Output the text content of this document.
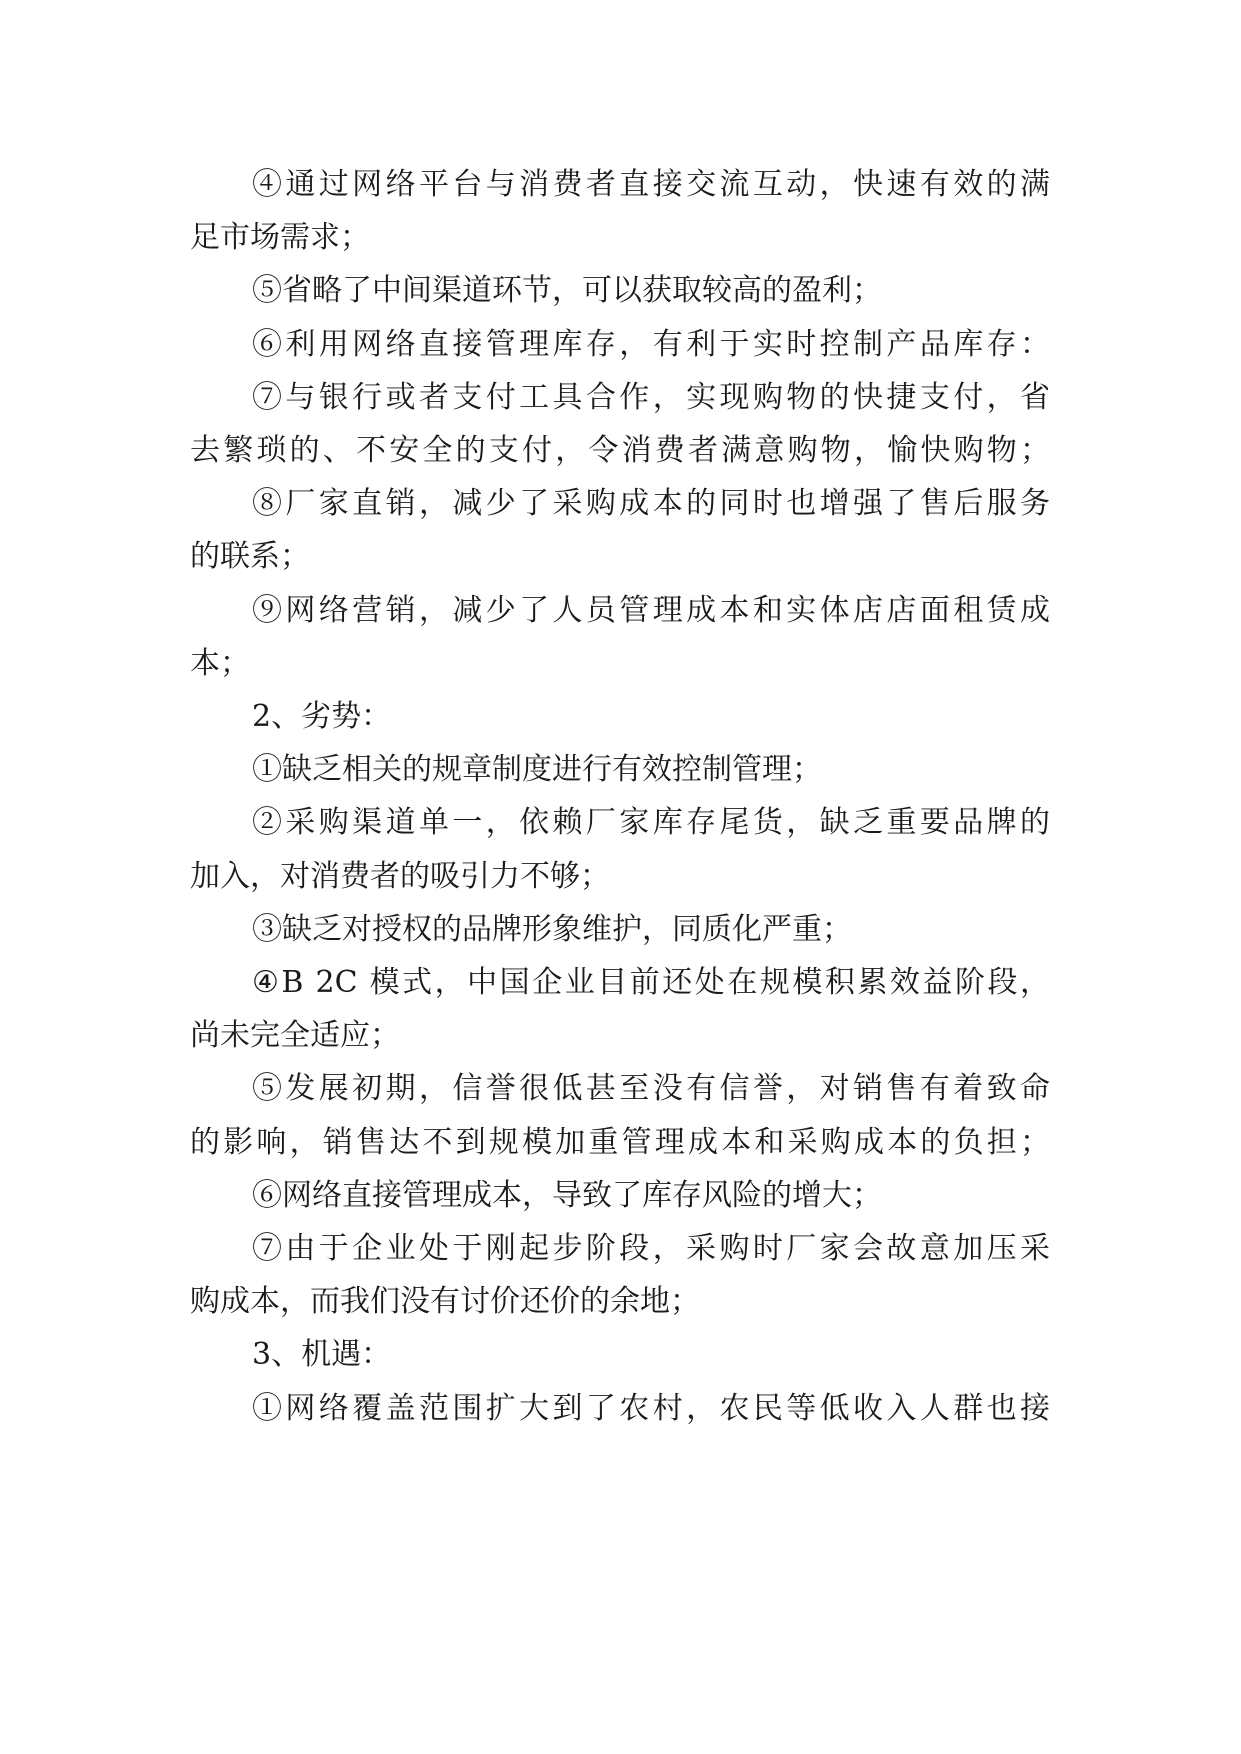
④通过网络平台与消费者直接交流互动，快速有效的满
足市场需求；
⑤省略了中间渠道环节，可以获取较高的盈利；
⑥利用网络直接管理库存，有利于实时控制产品库存：
⑦与银行或者支付工具合作，实现购物的快捷支付，省
去繁琐的、不安全的支付，令消费者满意购物，愉快购物；
⑧厂家直销，减少了采购成本的同时也增强了售后服务
的联系；
⑨网络营销，减少了人员管理成本和实体店店面租赁成
本；
2、劣势：
①缺乏相关的规章制度进行有效控制管理；
②采购渠道单一，依赖厂家库存尾货，缺乏重要品牌的
加入，对消费者的吸引力不够；
③缺乏对授权的品牌形象维护，同质化严重；
④B 2C 模式，中国企业目前还处在规模积累效益阶段，
尚未完全适应；
⑤发展初期，信誉很低甚至没有信誉，对销售有着致命
的影响，销售达不到规模加重管理成本和采购成本的负担；
⑥网络直接管理成本，导致了库存风险的增大；
⑦由于企业处于刚起步阶段，采购时厂家会故意加压采
购成本，而我们没有讨价还价的余地；
3、机遇：
①网络覆盖范围扩大到了农村，农民等低收入人群也接
